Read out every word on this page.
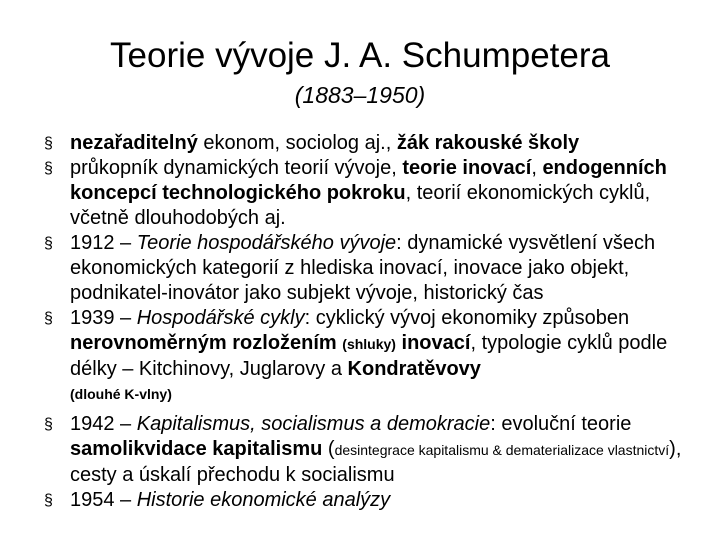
Teorie vývoje J. A. Schumpetera
(1883–1950)
§ nezařaditelný ekonom, sociolog aj., žák rakouské školy
§ průkopník dynamických teorií vývoje, teorie inovací, endogenních koncepcí technologického pokroku, teorií ekonomických cyklů, včetně dlouhodobých aj.
§ 1912 – Teorie hospodářského vývoje: dynamické vysvětlení všech ekonomických kategorií z hlediska inovací, inovace jako objekt, podnikatel-inovátor jako subjekt vývoje, historický čas
§ 1939 – Hospodářské cykly: cyklický vývoj ekonomiky způsoben nerovnoměrným rozložením (shluky) inovací, typologie cyklů podle délky – Kitchinovy, Juglarovy a Kondratěvovy
(dlouhé K-vlny)
§ 1942 – Kapitalismus, socialismus a demokracie: evoluční teorie samolikvidace kapitalismu (desintegrace kapitalismu & dematerializace vlastnictví), cesty a úskalí přechodu k socialismu
§ 1954 – Historie ekonomické analýzy
